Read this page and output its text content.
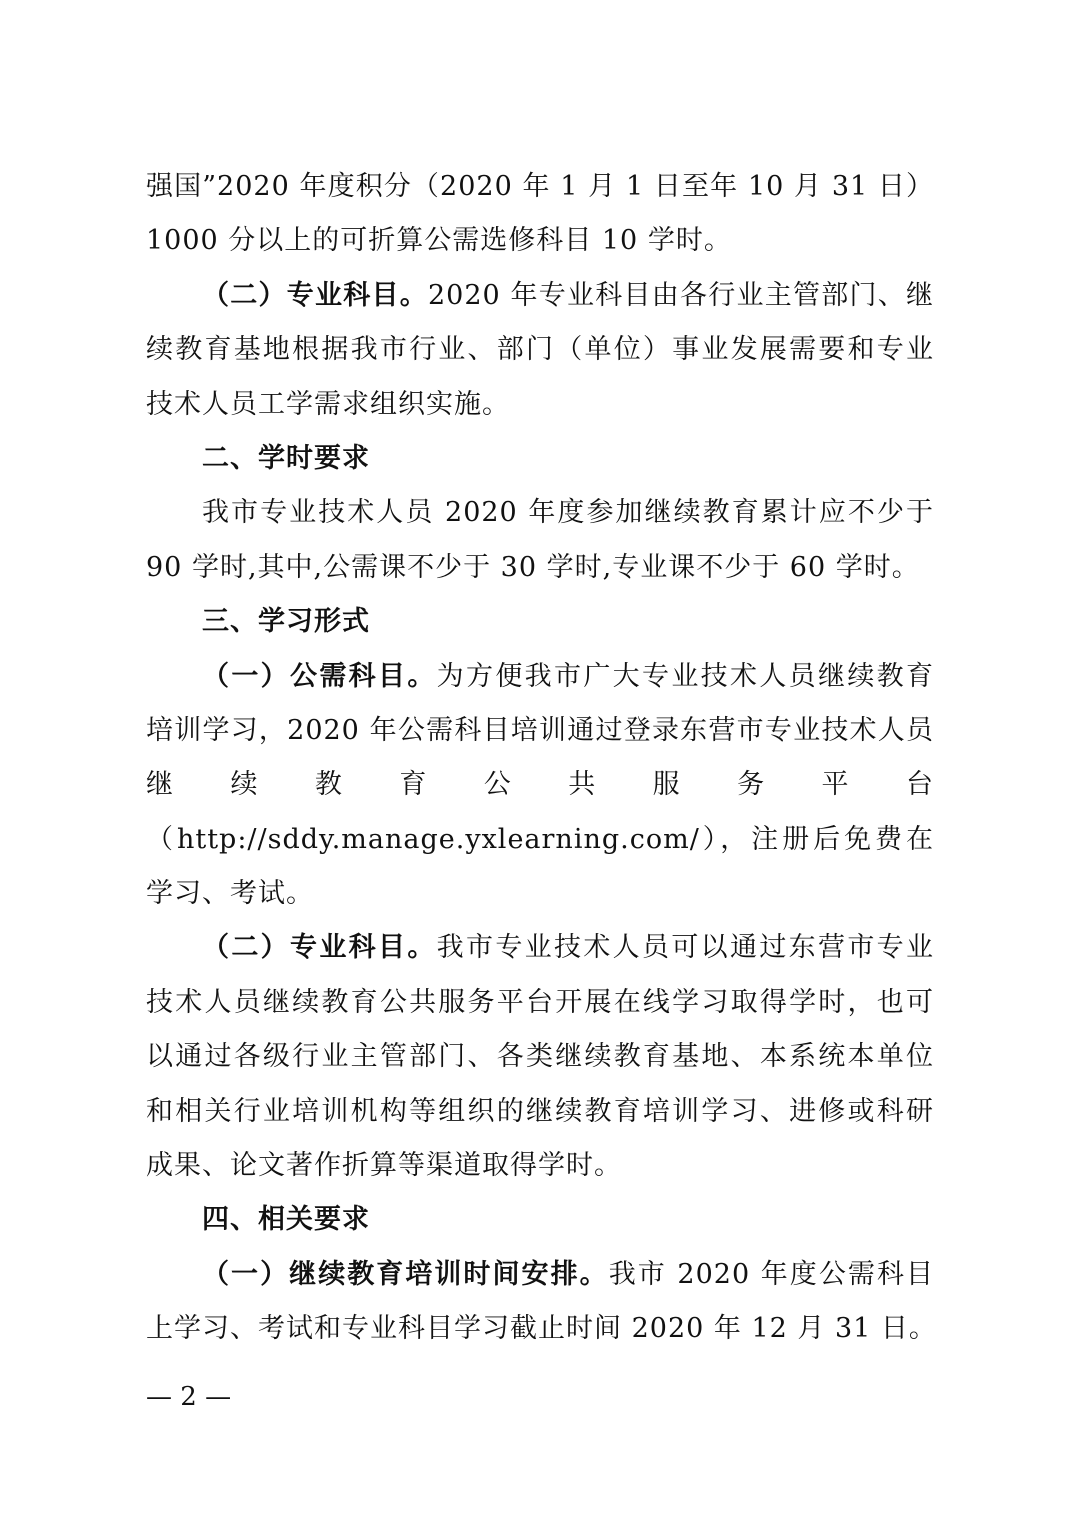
强国”2020 年度积分（2020 年 1 月 1 日至年 10 月 31 日）
1000 分以上的可折算公需选修科目 10 学时。
（二）专业科目。2020 年专业科目由各行业主管部门、继
续教育基地根据我市行业、部门（单位）事业发展需要和专业
技术人员工学需求组织实施。
二、学时要求
我市专业技术人员 2020 年度参加继续教育累计应不少于
90 学时,其中,公需课不少于 30 学时,专业课不少于 60 学时。
三、学习形式
（一）公需科目。为方便我市广大专业技术人员继续教育
培训学习，2020 年公需科目培训通过登录东营市专业技术人员
继 续 教 育 公 共 服 务 平 台
（http://sddy.manage.yxlearning.com/），注册后免费在
学习、考试。
（二）专业科目。我市专业技术人员可以通过东营市专业
技术人员继续教育公共服务平台开展在线学习取得学时，也可
以通过各级行业主管部门、各类继续教育基地、本系统本单位
和相关行业培训机构等组织的继续教育培训学习、进修或科研
成果、论文著作折算等渠道取得学时。
四、相关要求
（一）继续教育培训时间安排。我市 2020 年度公需科目
上学习、考试和专业科目学习截止时间 2020 年 12 月 31 日。
— 2 —
